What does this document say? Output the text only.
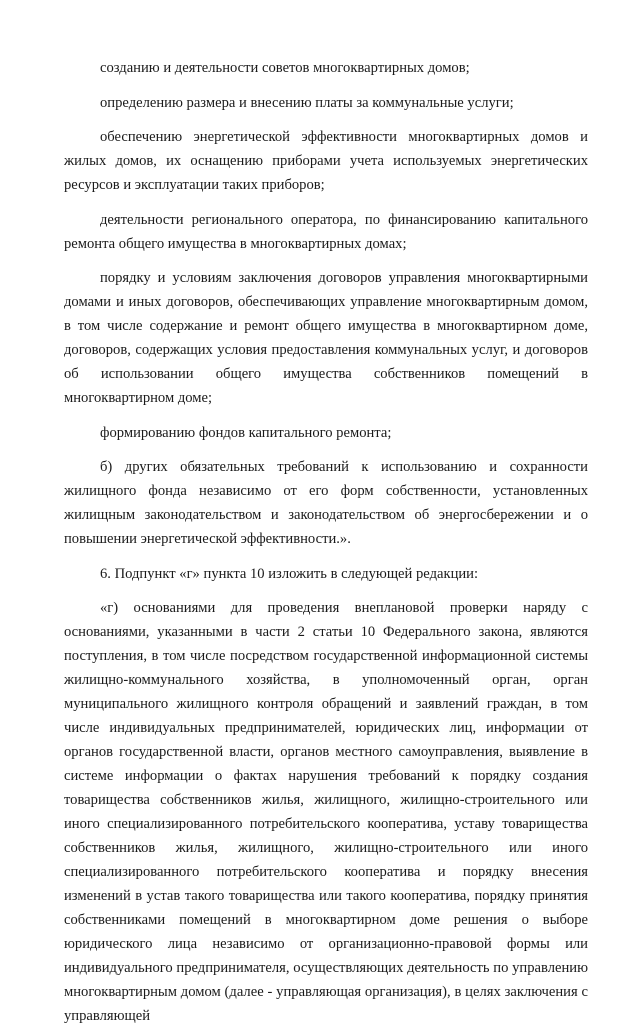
созданию и деятельности советов многоквартирных домов;

определению размера и внесению платы за коммунальные услуги;

обеспечению энергетической эффективности многоквартирных домов и жилых домов, их оснащению приборами учета используемых энергетических ресурсов и эксплуатации таких приборов;

деятельности регионального оператора, по финансированию капитального ремонта общего имущества в многоквартирных домах;

порядку и условиям заключения договоров управления многоквартирными домами и иных договоров, обеспечивающих управление многоквартирным домом, в том числе содержание и ремонт общего имущества в многоквартирном доме, договоров, содержащих условия предоставления коммунальных услуг, и договоров об использовании общего имущества собственников помещений в многоквартирном доме;

формированию фондов капитального ремонта;

б) других обязательных требований к использованию и сохранности жилищного фонда независимо от его форм собственности, установленных жилищным законодательством и законодательством об энергосбережении и о повышении энергетической эффективности.».

6. Подпункт «г» пункта 10 изложить в следующей редакции:

«г) основаниями для проведения внеплановой проверки наряду с основаниями, указанными в части 2 статьи 10 Федерального закона, являются поступления, в том числе посредством государственной информационной системы жилищно-коммунального хозяйства, в уполномоченный орган, орган муниципального жилищного контроля обращений и заявлений граждан, в том числе индивидуальных предпринимателей, юридических лиц, информации от органов государственной власти, органов местного самоуправления, выявление в системе информации о фактах нарушения требований к порядку создания товарищества собственников жилья, жилищного, жилищно-строительного или иного специализированного потребительского кооператива, уставу товарищества собственников жилья, жилищного, жилищно-строительного или иного специализированного потребительского кооператива и порядку внесения изменений в устав такого товарищества или такого кооператива, порядку принятия собственниками помещений в многоквартирном доме решения о выборе юридического лица независимо от организационно-правовой формы или индивидуального предпринимателя, осуществляющих деятельность по управлению многоквартирным домом (далее - управляющая организация), в целях заключения с управляющей
